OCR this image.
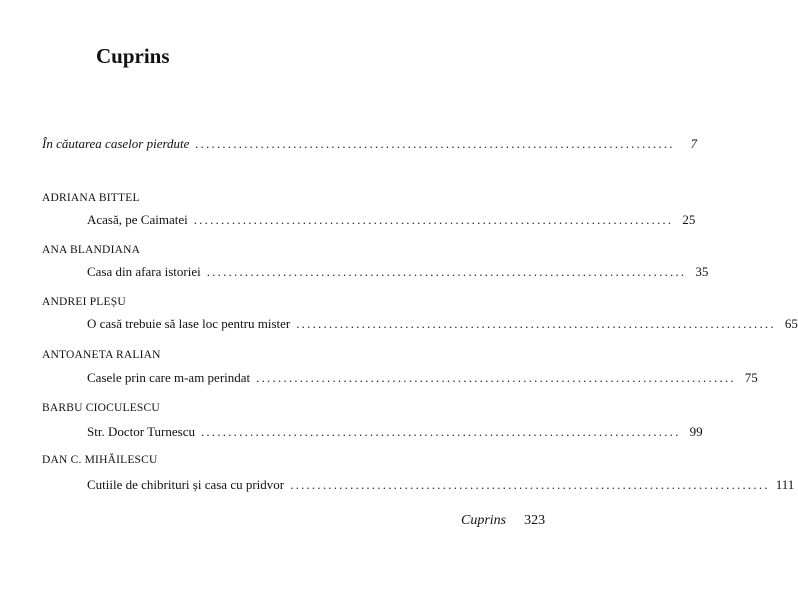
Cuprins
În căutarea caselor pierdute ........................................................................................	7
ADRIANA BITTEL
Acasă, pe Caimatei ........................................................................................ 25
ANA BLANDIANA
Casa din afara istoriei ........................................................................................ 35
ANDREI PLEȘU
O casă trebuie să lase loc pentru mister ........................................................................................ 65
ANTOANETA RALIAN
Casele prin care m-am perindat ........................................................................................ 75
BARBU CIOCULESCU
Str. Doctor Turnescu ........................................................................................ 99
DAN C. MIHĂILESCU
Cutiile de chibrituri și casa cu pridvor ........................................................................................ 111
Cuprins 323
